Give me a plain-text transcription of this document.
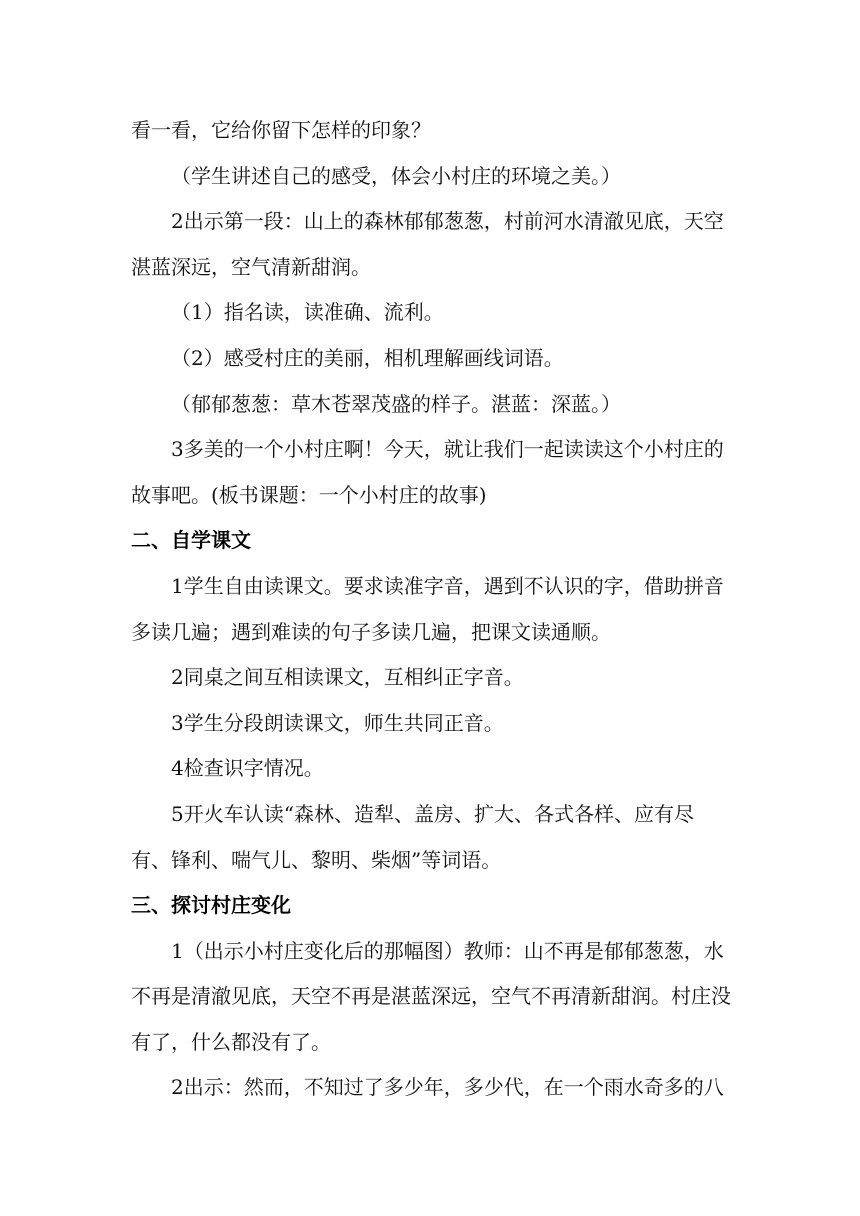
看一看，它给你留下怎样的印象？

（学生讲述自己的感受，体会小村庄的环境之美。）

2出示第一段：山上的森林郁郁葱葱，村前河水清澈见底，天空湛蓝深远，空气清新甜润。

（1）指名读，读准确、流利。

（2）感受村庄的美丽，相机理解画线词语。

（郁郁葱葱：草木苍翠茂盛的样子。湛蓝：深蓝。）

3多美的一个小村庄啊！今天，就让我们一起读读这个小村庄的故事吧。(板书课题：一个小村庄的故事)

二、自学课文

1学生自由读课文。要求读准字音，遇到不认识的字，借助拼音多读几遍；遇到难读的句子多读几遍，把课文读通顺。

2同桌之间互相读课文，互相纠正字音。

3学生分段朗读课文，师生共同正音。

4检查识字情况。

5开火车认读“森林、造犁、盖房、扩大、各式各样、应有尽有、锋利、喘气儿、黎明、柴烟”等词语。

三、探讨村庄变化

1（出示小村庄变化后的那幅图）教师：山不再是郁郁葱葱，水不再是清澈见底，天空不再是湛蓝深远，空气不再清新甜润。村庄没有了，什么都没有了。

2出示：然而，不知过了多少年，多少代，在一个雨水奇多的八
